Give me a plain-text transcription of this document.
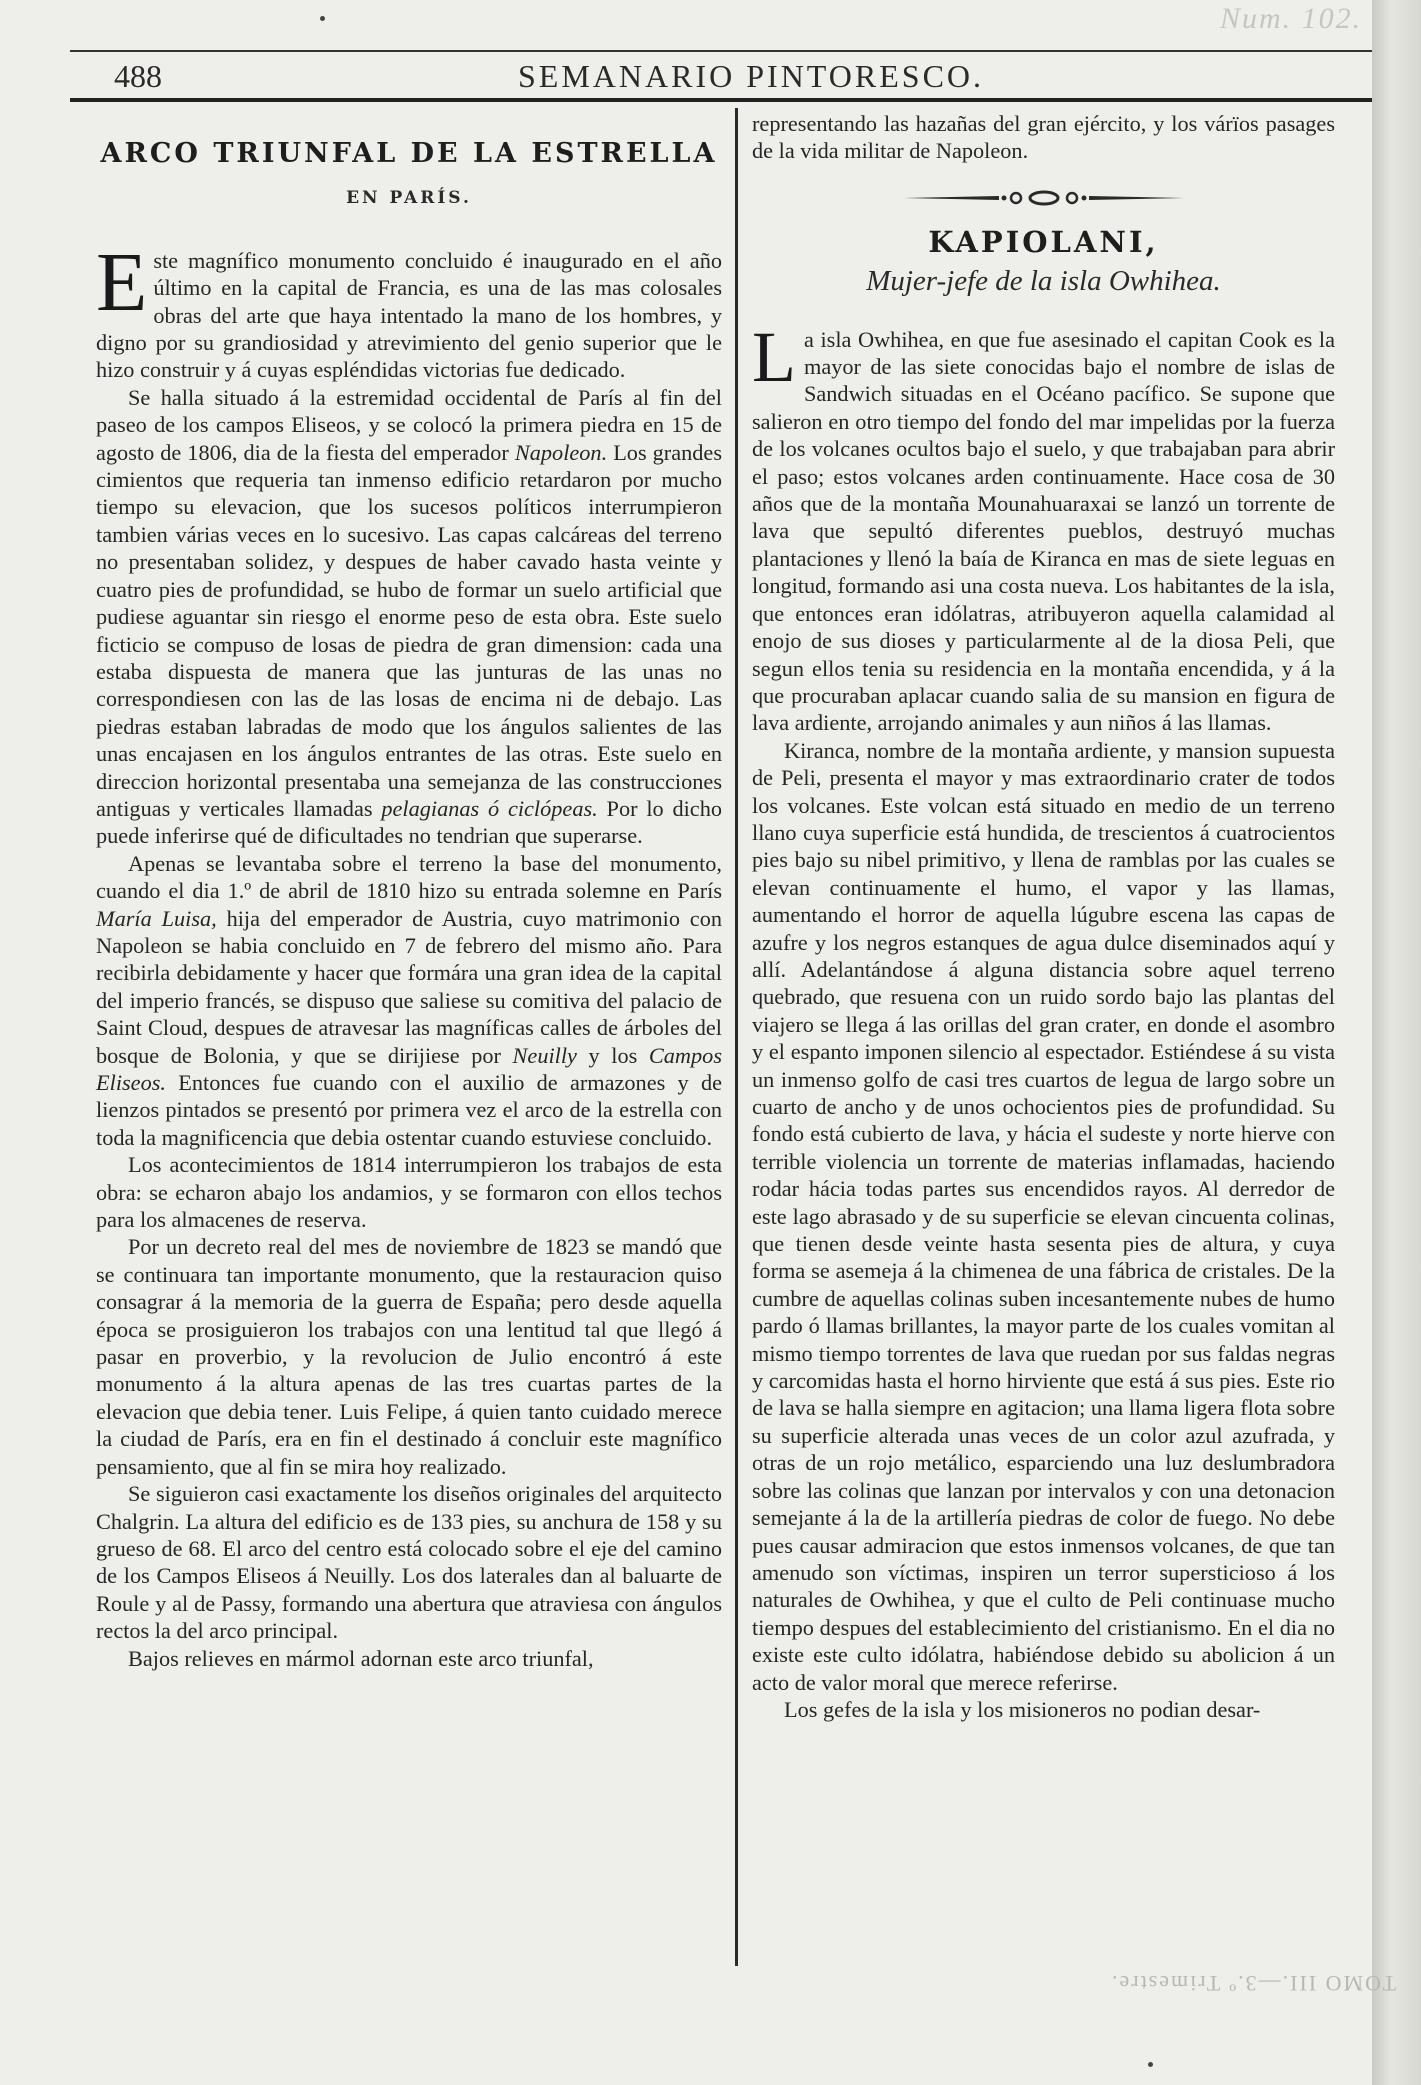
Num. 102.
488	SEMANARIO PINTORESCO.
ARCO TRIUNFAL DE LA ESTRELLA
EN PARÍS.

Este magnífico monumento concluido é inaugurado en el año último en la capital de Francia, es una de las mas colosales obras del arte que haya intentado la mano de los hombres, y digno por su grandiosidad y atrevimiento del genio superior que le hizo construir y á cuyas espléndidas victorias fue dedicado.

Se halla situado á la estremidad occidental de París al fin del paseo de los campos Eliseos, y se colocó la primera piedra en 15 de agosto de 1806, dia de la fiesta del emperador Napoleon. Los grandes cimientos que requeria tan inmenso edificio retardaron por mucho tiempo su elevacion, que los sucesos políticos interrumpieron tambien várias veces en lo sucesivo. Las capas calcáreas del terreno no presentaban solidez, y despues de haber cavado hasta veinte y cuatro pies de profundidad, se hubo de formar un suelo artificial que pudiese aguantar sin riesgo el enorme peso de esta obra. Este suelo ficticio se compuso de losas de piedra de gran dimension: cada una estaba dispuesta de manera que las junturas de las unas no correspondiesen con las de las losas de encima ni de debajo. Las piedras estaban labradas de modo que los ángulos salientes de las unas encajasen en los ángulos entrantes de las otras. Este suelo en direccion horizontal presentaba una semejanza de las construcciones antiguas y verticales llamadas pelagianas ó ciclópeas. Por lo dicho puede inferirse qué de dificultades no tendrian que superarse.

Apenas se levantaba sobre el terreno la base del monumento, cuando el dia 1.º de abril de 1810 hizo su entrada solemne en París María Luisa, hija del emperador de Austria, cuyo matrimonio con Napoleon se habia concluido en 7 de febrero del mismo año. Para recibirla debidamente y hacer que formára una gran idea de la capital del imperio francés, se dispuso que saliese su comitiva del palacio de Saint Cloud, despues de atravesar las magníficas calles de árboles del bosque de Bolonia, y que se dirijiese por Neuilly y los Campos Eliseos. Entonces fue cuando con el auxilio de armazones y de lienzos pintados se presentó por primera vez el arco de la estrella con toda la magnificencia que debia ostentar cuando estuviese concluido.

Los acontecimientos de 1814 interrumpieron los trabajos de esta obra: se echaron abajo los andamios, y se formaron con ellos techos para los almacenes de reserva.

Por un decreto real del mes de noviembre de 1823 se mandó que se continuara tan importante monumento, que la restauracion quiso consagrar á la memoria de la guerra de España; pero desde aquella época se prosiguieron los trabajos con una lentitud tal que llegó á pasar en proverbio, y la revolucion de Julio encontró á este monumento á la altura apenas de las tres cuartas partes de la elevacion que debia tener. Luis Felipe, á quien tanto cuidado merece la ciudad de París, era en fin el destinado á concluir este magnífico pensamiento, que al fin se mira hoy realizado.

Se siguieron casi exactamente los diseños originales del arquitecto Chalgrin. La altura del edificio es de 133 pies, su anchura de 158 y su grueso de 68. El arco del centro está colocado sobre el eje del camino de los Campos Eliseos á Neuilly. Los dos laterales dan al baluarte de Roule y al de Passy, formando una abertura que atraviesa con ángulos rectos la del arco principal.

Bajos relieves en mármol adornan este arco triunfal,

representando las hazañas del gran ejército, y los várïos pasages de la vida militar de Napoleon.

KAPIOLANI,
Mujer-jefe de la isla Owhihea.

La isla Owhihea, en que fue asesinado el capitan Cook es la mayor de las siete conocidas bajo el nombre de islas de Sandwich situadas en el Océano pacífico. Se supone que salieron en otro tiempo del fondo del mar impelidas por la fuerza de los volcanes ocultos bajo el suelo, y que trabajaban para abrir el paso; estos volcanes arden continuamente. Hace cosa de 30 años que de la montaña Mounahuaraxai se lanzó un torrente de lava que sepultó diferentes pueblos, destruyó muchas plantaciones y llenó la baía de Kiranca en mas de siete leguas en longitud, formando asi una costa nueva. Los habitantes de la isla, que entonces eran idólatras, atribuyeron aquella calamidad al enojo de sus dioses y particularmente al de la diosa Peli, que segun ellos tenia su residencia en la montaña encendida, y á la que procuraban aplacar cuando salia de su mansion en figura de lava ardiente, arrojando animales y aun niños á las llamas.

Kiranca, nombre de la montaña ardiente, y mansion supuesta de Peli, presenta el mayor y mas extraordinario crater de todos los volcanes. Este volcan está situado en medio de un terreno llano cuya superficie está hundida, de trescientos á cuatrocientos pies bajo su nibel primitivo, y llena de ramblas por las cuales se elevan continuamente el humo, el vapor y las llamas, aumentando el horror de aquella lúgubre escena las capas de azufre y los negros estanques de agua dulce diseminados aquí y allí. Adelantándose á alguna distancia sobre aquel terreno quebrado, que resuena con un ruido sordo bajo las plantas del viajero se llega á las orillas del gran crater, en donde el asombro y el espanto imponen silencio al espectador. Estiéndese á su vista un inmenso golfo de casi tres cuartos de legua de largo sobre un cuarto de ancho y de unos ochocientos pies de profundidad. Su fondo está cubierto de lava, y hácia el sudeste y norte hierve con terrible violencia un torrente de materias inflamadas, haciendo rodar hácia todas partes sus encendidos rayos. Al derredor de este lago abrasado y de su superficie se elevan cincuenta colinas, que tienen desde veinte hasta sesenta pies de altura, y cuya forma se asemeja á la chimenea de una fábrica de cristales. De la cumbre de aquellas colinas suben incesantemente nubes de humo pardo ó llamas brillantes, la mayor parte de los cuales vomitan al mismo tiempo torrentes de lava que ruedan por sus faldas negras y carcomidas hasta el horno hirviente que está á sus pies. Este rio de lava se halla siempre en agitacion; una llama ligera flota sobre su superficie alterada unas veces de un color azul azufrada, y otras de un rojo metálico, esparciendo una luz deslumbradora sobre las colinas que lanzan por intervalos y con una detonacion semejante á la de la artillería piedras de color de fuego. No debe pues causar admiracion que estos inmensos volcanes, de que tan amenudo son víctimas, inspiren un terror supersticioso á los naturales de Owhihea, y que el culto de Peli continuase mucho tiempo despues del establecimiento del cristianismo. En el dia no existe este culto idólatra, habiéndose debido su abolicion á un acto de valor moral que merece referirse.

Los gefes de la isla y los misioneros no podian desar-

TOMO III.—3.º Trimestre.
